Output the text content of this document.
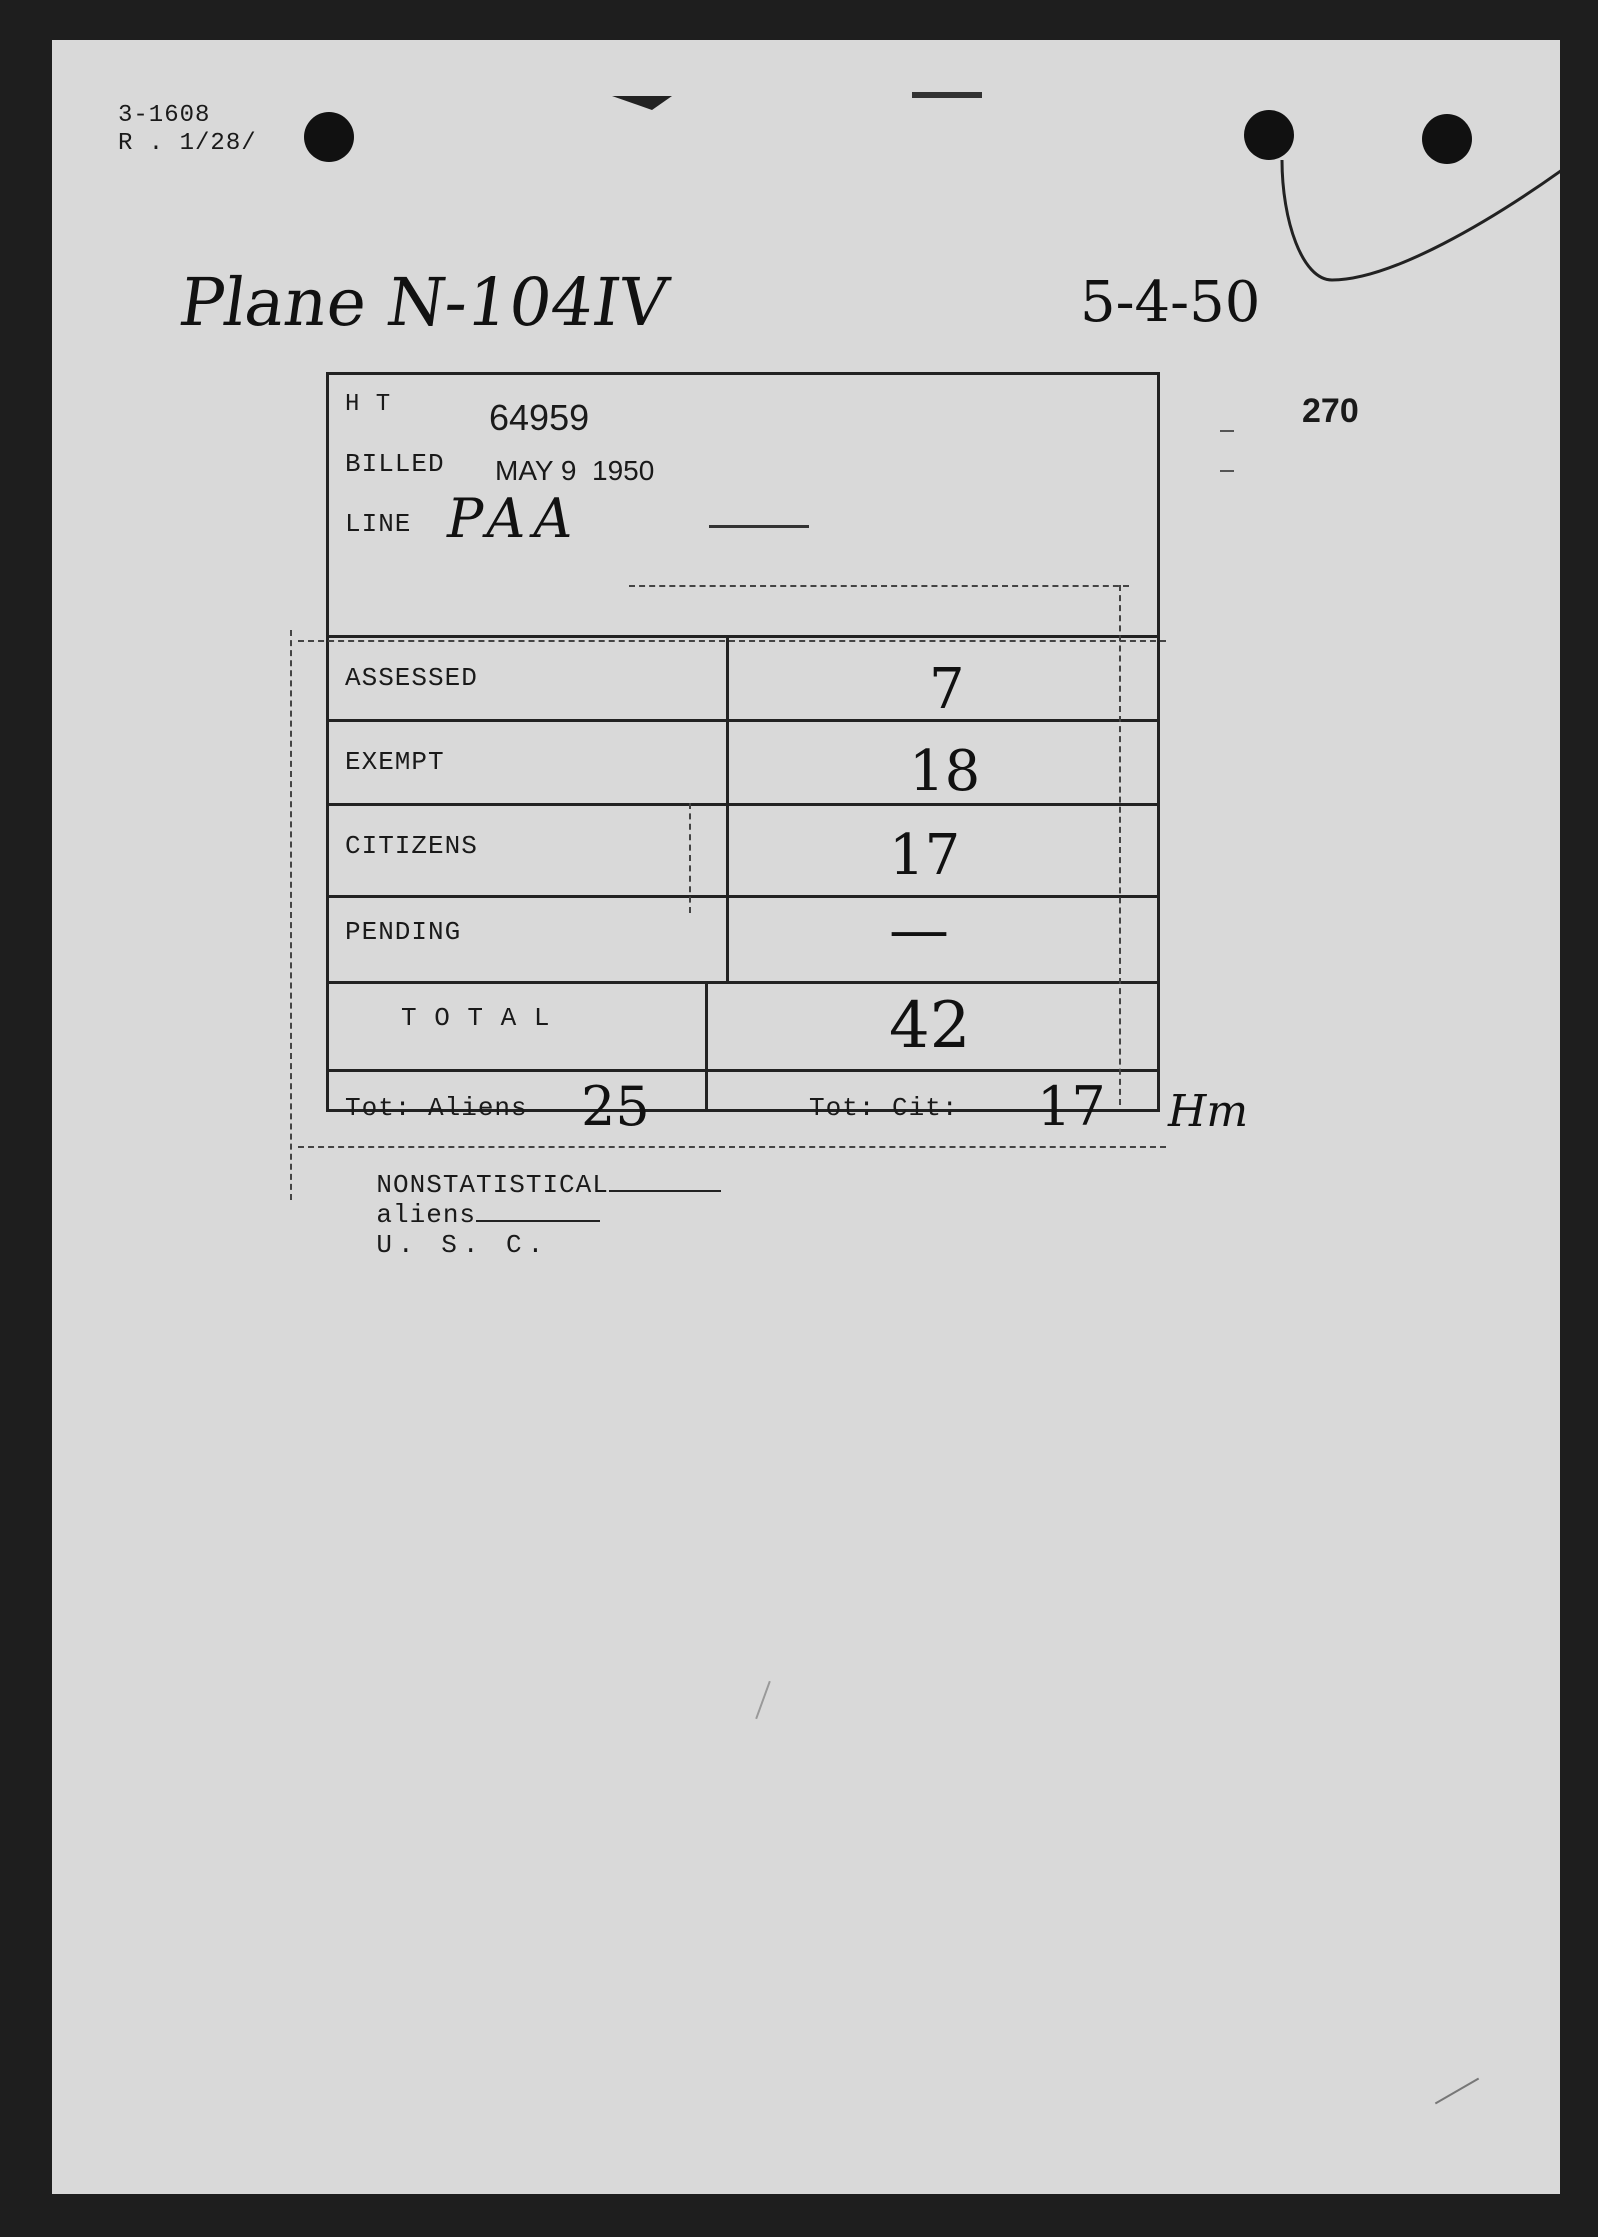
3-1608
R . 1/28/
Plane N-104IV	5-4-50
270
H T	64959
BILLED MAY 9  1950
LINE PAA
ASSESSED	7
EXEMPT	18
CITIZENS	17
PENDING	—
T O T A L	42
Tot: Aliens 25	Tot: Cit: 17 Hm

NONSTATISTICAL
aliens
U. S. C.
